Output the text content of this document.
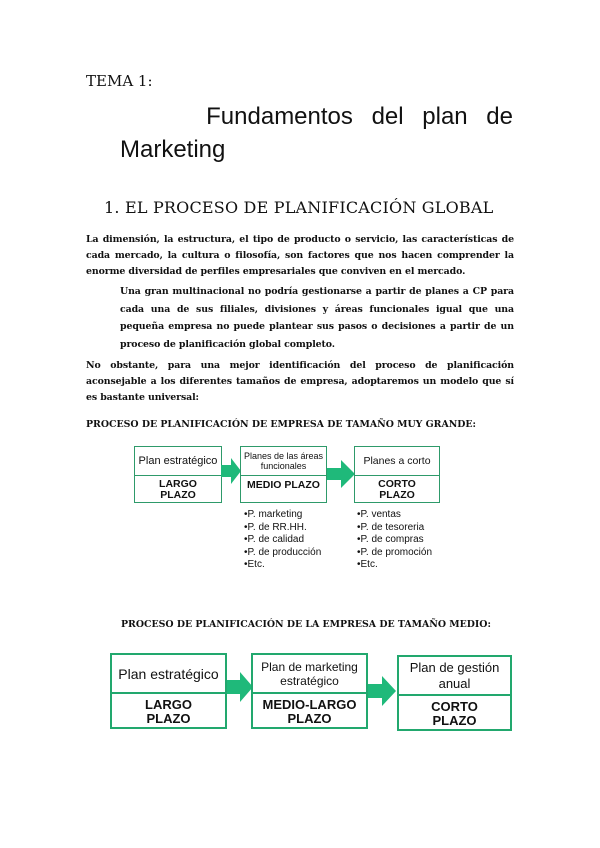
TEMA 1:
Fundamentos del plan de
Marketing
1. EL PROCESO DE PLANIFICACIÓN GLOBAL
La dimensión, la estructura, el tipo de producto o servicio, las características de cada mercado, la cultura o filosofía, son factores que nos hacen comprender la enorme diversidad de perfiles empresariales que conviven en el mercado.
Una gran multinacional no podría gestionarse a partir de planes a CP para cada una de sus filiales, divisiones y áreas funcionales igual que una pequeña empresa no puede plantear sus pasos o decisiones a partir de un proceso de planificación global completo.
No obstante, para una mejor identificación del proceso de planificación aconsejable a los diferentes tamaños de empresa, adoptaremos un modelo que sí es bastante universal:
PROCESO DE PLANIFICACIÓN DE EMPRESA DE TAMAÑO MUY GRANDE:
Plan estratégico
LARGO PLAZO
Planes de las áreas funcionales
MEDIO PLAZO
Planes a corto
CORTO PLAZO
•P. marketing
•P. de RR.HH.
•P. de calidad
•P. de producción
•Etc.
•P. ventas
•P. de tesoreria
•P. de compras
•P. de promoción
•Etc.
PROCESO DE PLANIFICACIÓN DE LA EMPRESA DE TAMAÑO MEDIO:
Plan estratégico
LARGO PLAZO
Plan de marketing estratégico
MEDIO-LARGO PLAZO
Plan de gestión anual
CORTO PLAZO
